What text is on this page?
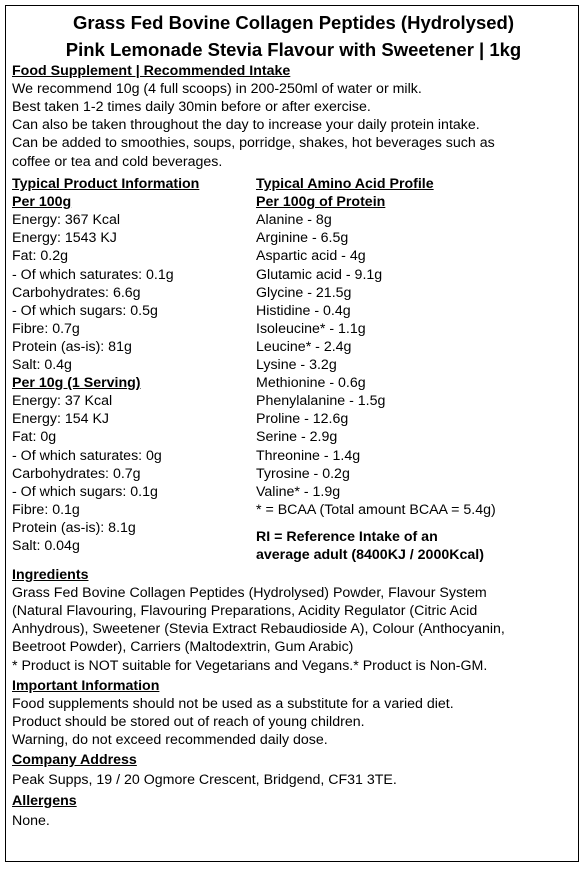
Grass Fed Bovine Collagen Peptides (Hydrolysed)
Pink Lemonade Stevia Flavour with Sweetener | 1kg
Food Supplement | Recommended Intake
We recommend 10g (4 full scoops) in 200-250ml of water or milk.
Best taken 1-2 times daily 30min before or after exercise.
Can also be taken throughout the day to increase your daily protein intake.
Can be added to smoothies, soups, porridge, shakes, hot beverages such as
coffee or tea and cold beverages.
Typical Product Information
Per 100g
Energy: 367 Kcal
Energy: 1543 KJ
Fat: 0.2g
- Of which saturates: 0.1g
Carbohydrates: 6.6g
- Of which sugars: 0.5g
Fibre: 0.7g
Protein (as-is): 81g
Salt: 0.4g
Per 10g (1 Serving)
Energy: 37 Kcal
Energy: 154 KJ
Fat: 0g
- Of which saturates: 0g
Carbohydrates: 0.7g
- Of which sugars: 0.1g
Fibre: 0.1g
Protein (as-is): 8.1g
Salt: 0.04g
Typical Amino Acid Profile
Per 100g of Protein
Alanine - 8g
Arginine - 6.5g
Aspartic acid - 4g
Glutamic acid - 9.1g
Glycine - 21.5g
Histidine - 0.4g
Isoleucine* - 1.1g
Leucine* - 2.4g
Lysine - 3.2g
Methionine - 0.6g
Phenylalanine - 1.5g
Proline - 12.6g
Serine - 2.9g
Threonine - 1.4g
Tyrosine - 0.2g
Valine* - 1.9g
* = BCAA (Total amount BCAA = 5.4g)
RI = Reference Intake of an
average adult (8400KJ / 2000Kcal)
Ingredients
Grass Fed Bovine Collagen Peptides (Hydrolysed) Powder, Flavour System
(Natural Flavouring, Flavouring Preparations, Acidity Regulator (Citric Acid
Anhydrous), Sweetener (Stevia Extract Rebaudioside A), Colour (Anthocyanin,
Beetroot Powder), Carriers (Maltodextrin, Gum Arabic)
* Product is NOT suitable for Vegetarians and Vegans.* Product is Non-GM.
Important Information
Food supplements should not be used as a substitute for a varied diet.
Product should be stored out of reach of young children.
Warning, do not exceed recommended daily dose.
Company Address
Peak Supps, 19 / 20 Ogmore Crescent, Bridgend, CF31 3TE.
Allergens
None.
